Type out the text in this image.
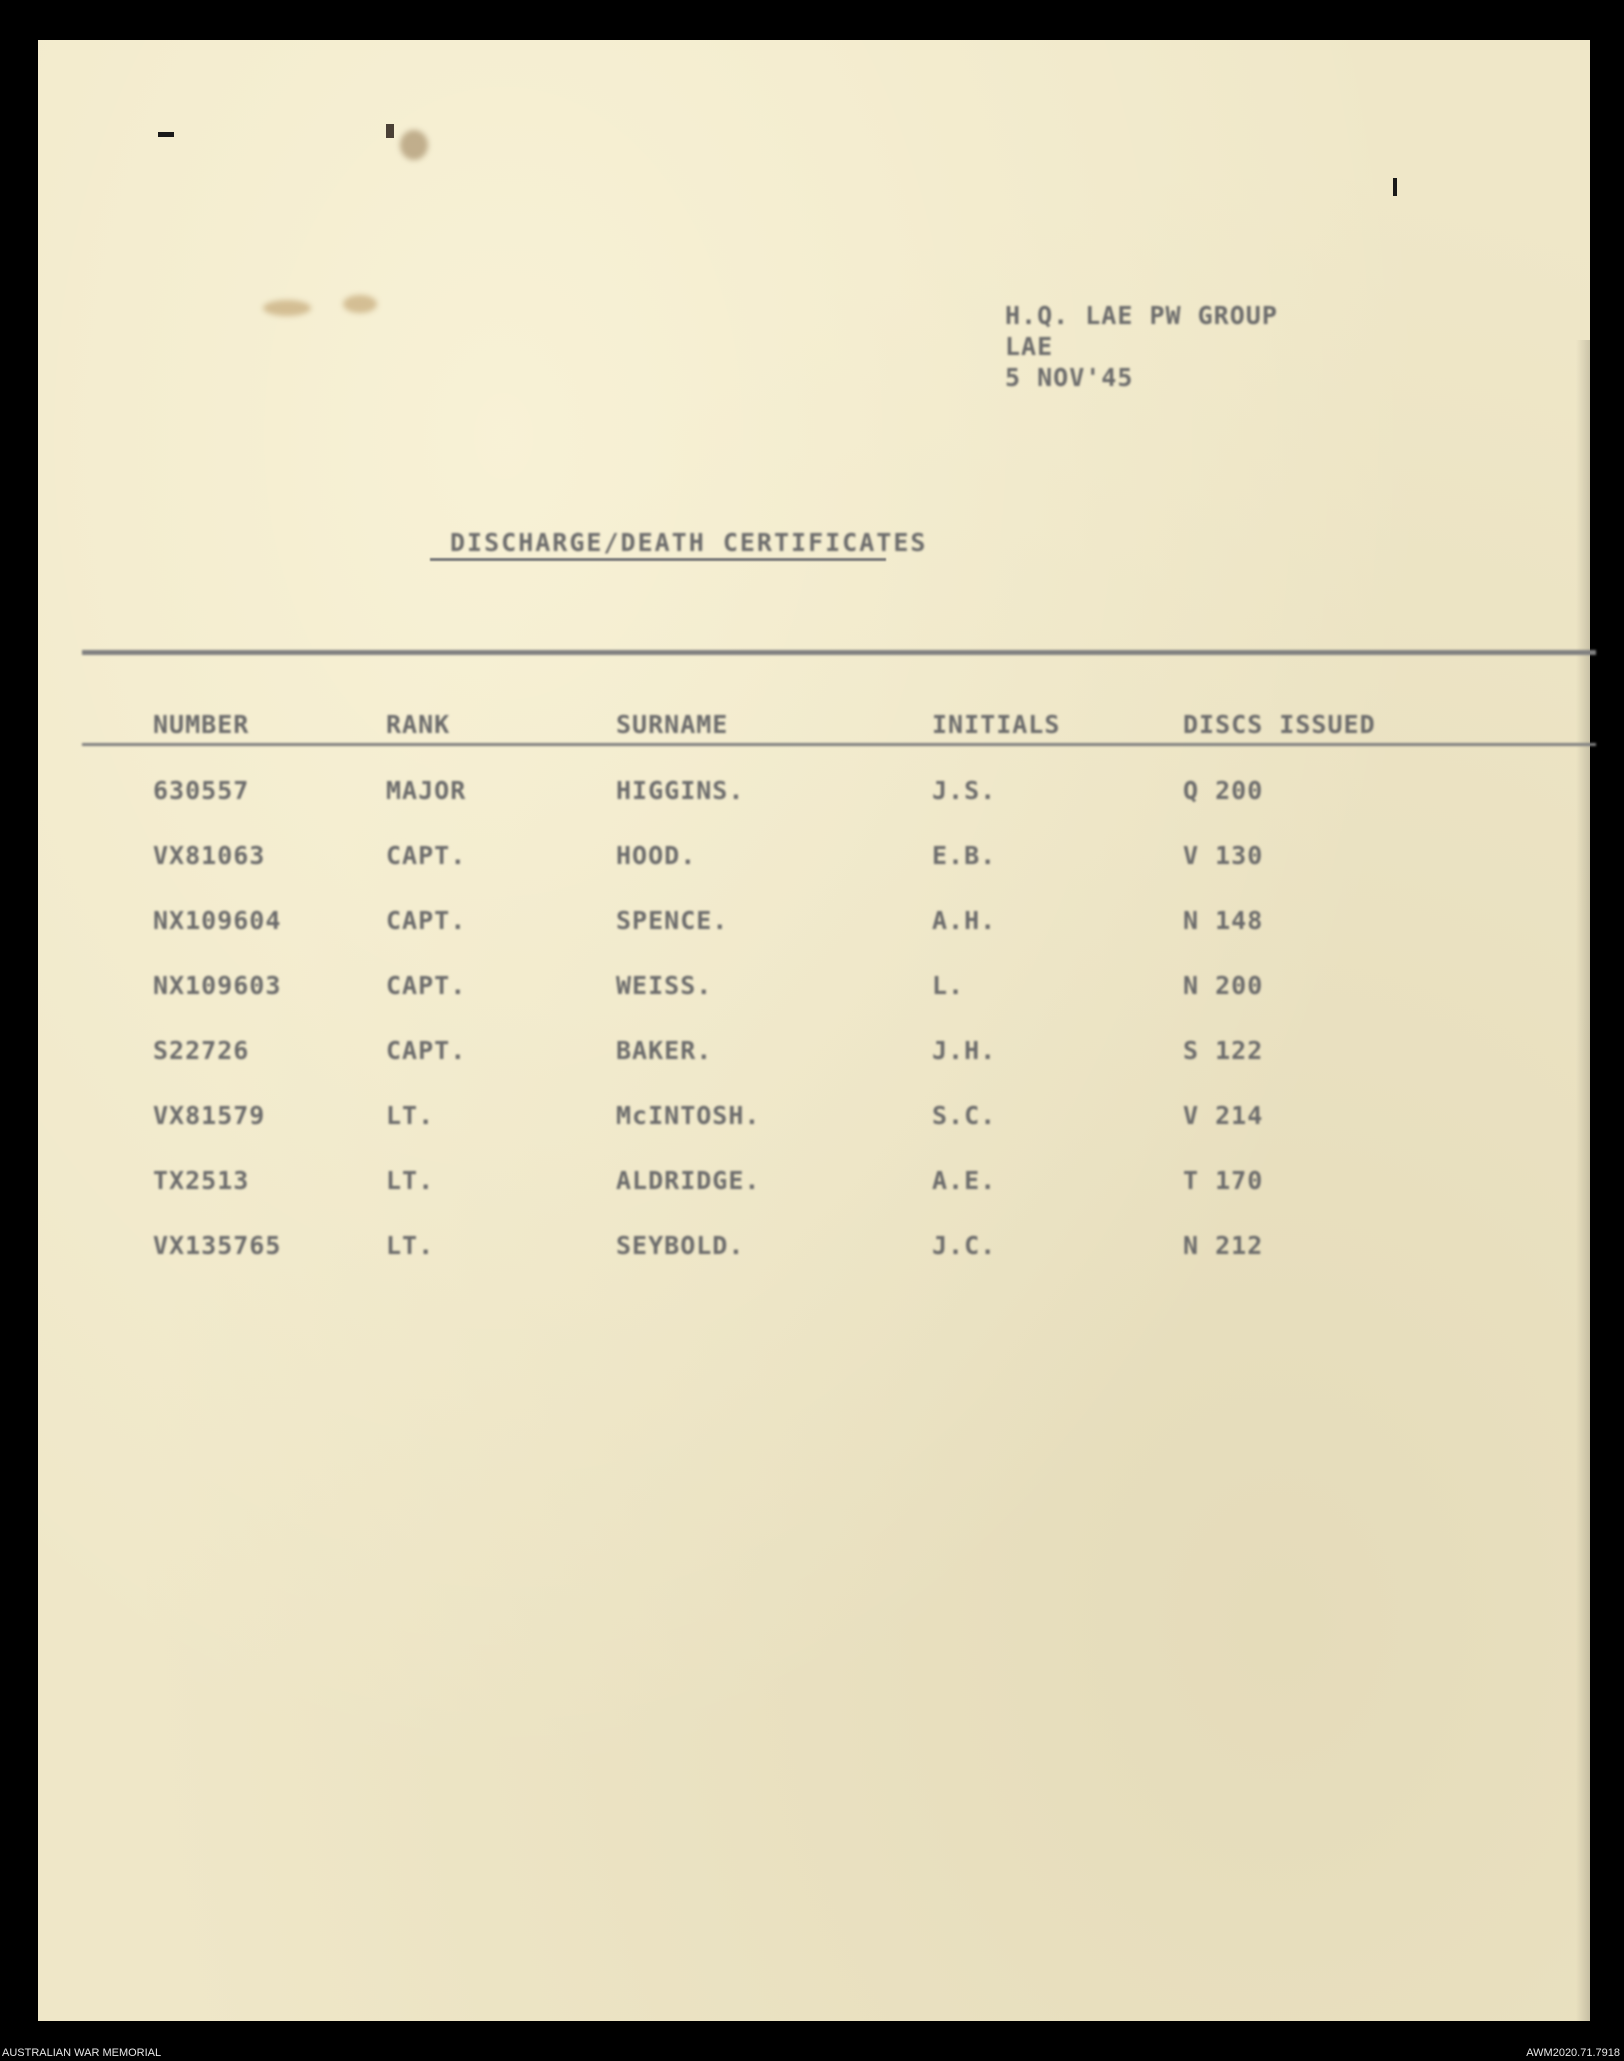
H.Q. LAE PW GROUP
LAE
5 NOV'45
DISCHARGE/DEATH CERTIFICATES
NUMBER	RANK	SURNAME	INITIALS	DISCS ISSUED
630557	MAJOR	HIGGINS.	J.S.	Q 200
VX81063	CAPT.	HOOD.	E.B.	V 130
NX109604	CAPT.	SPENCE.	A.H.	N 148
NX109603	CAPT.	WEISS.	L.	N 200
S22726	CAPT.	BAKER.	J.H.	S 122
VX81579	LT.	McINTOSH.	S.C.	V 214
TX2513	LT.	ALDRIDGE.	A.E.	T 170
VX135765	LT.	SEYBOLD.	J.C.	N 212
AUSTRALIAN WAR MEMORIAL	AWM2020.71.7918
